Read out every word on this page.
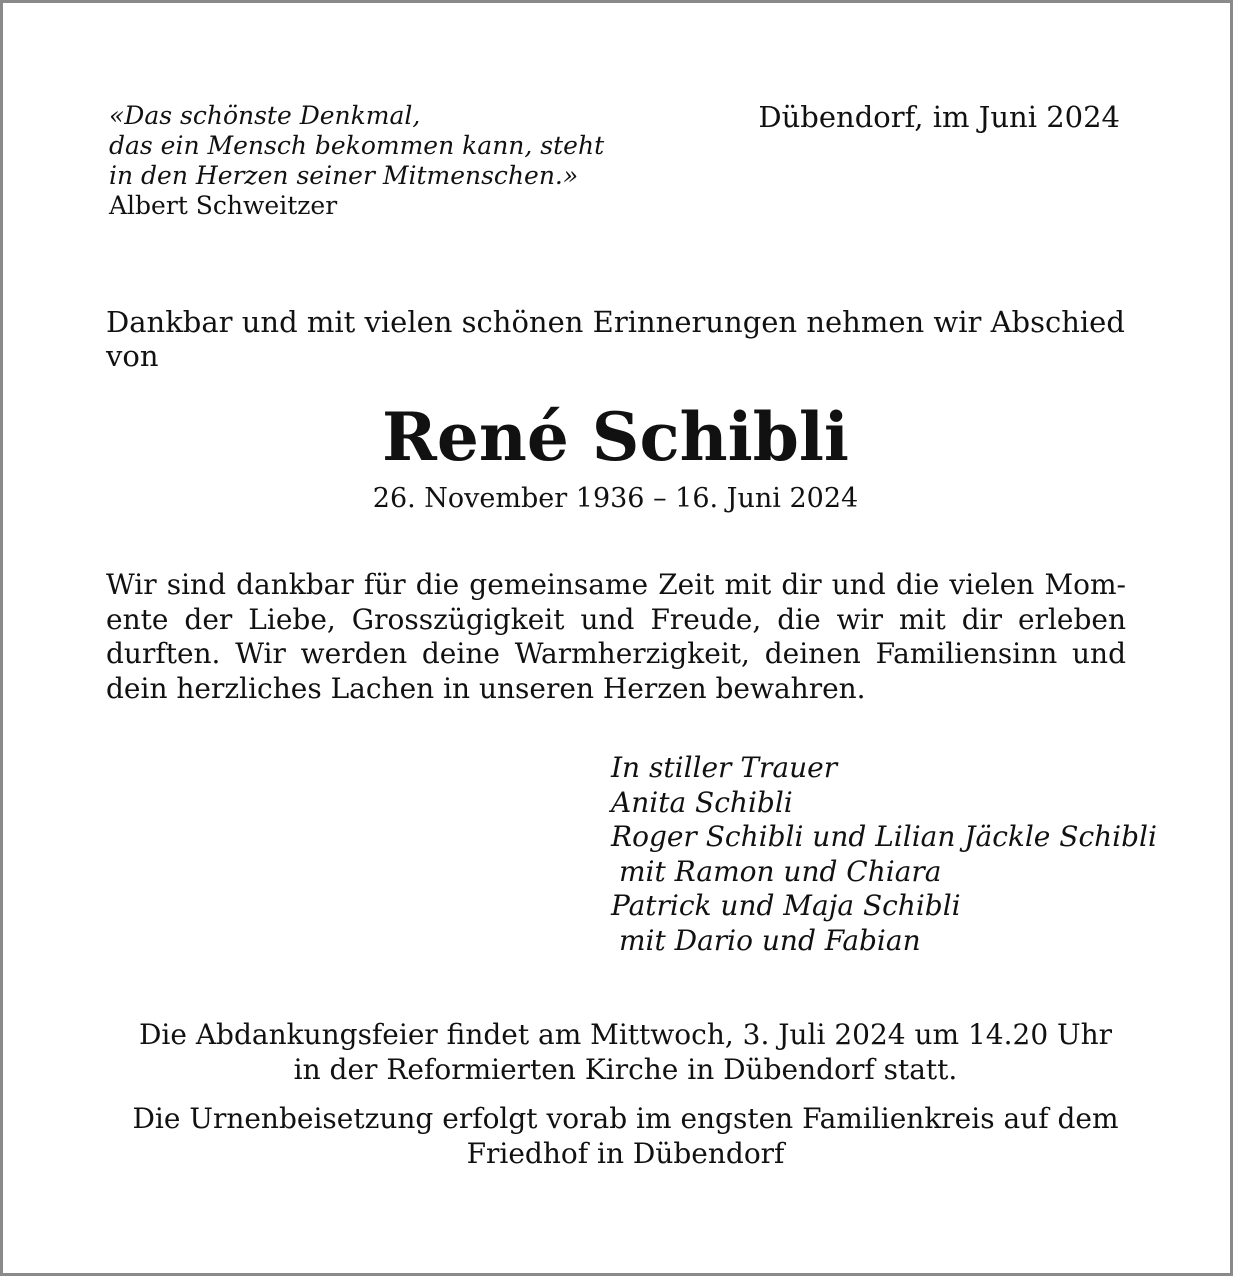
«Das schönste Denkmal,
das ein Mensch bekommen kann, steht
in den Herzen seiner Mitmenschen.»
Albert Schweitzer
Dübendorf, im Juni 2024
Dankbar und mit vielen schönen Erinnerungen nehmen wir Abschied von
René Schibli
26. November 1936 – 16. Juni 2024
Wir sind dankbar für die gemeinsame Zeit mit dir und die vielen Momente der Liebe, Grosszügigkeit und Freude, die wir mit dir erleben durften. Wir werden deine Warmherzigkeit, deinen Familiensinn und dein herzliches Lachen in unseren Herzen bewahren.
In stiller Trauer
Anita Schibli
Roger Schibli und Lilian Jäckle Schibli
mit Ramon und Chiara
Patrick und Maja Schibli
mit Dario und Fabian
Die Abdankungsfeier findet am Mittwoch, 3. Juli 2024 um 14.20 Uhr
in der Reformierten Kirche in Dübendorf statt.
Die Urnenbeisetzung erfolgt vorab im engsten Familienkreis auf dem
Friedhof in Dübendorf
